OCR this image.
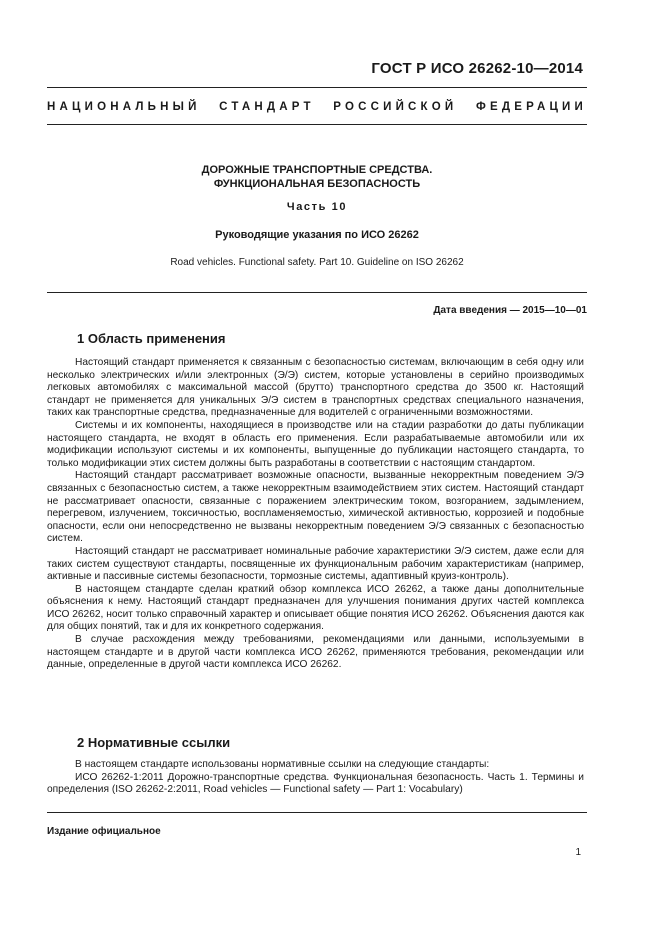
ГОСТ Р ИСО 26262-10—2014
НАЦИОНАЛЬНЫЙ СТАНДАРТ РОССИЙСКОЙ ФЕДЕРАЦИИ
ДОРОЖНЫЕ ТРАНСПОРТНЫЕ СРЕДСТВА.
ФУНКЦИОНАЛЬНАЯ БЕЗОПАСНОСТЬ
Часть 10
Руководящие указания по ИСО 26262
Road vehicles. Functional safety. Part 10. Guideline on ISO 26262
Дата введения — 2015—10—01
1 Область применения

Настоящий стандарт применяется к связанным с безопасностью системам, включающим в себя одну или несколько электрических и/или электронных (Э/Э) систем, которые установлены в серийно производимых легковых автомобилях с максимальной массой (брутто) транспортного средства до 3500 кг. Настоящий стандарт не применяется для уникальных Э/Э систем в транспортных средствах специального назначения, таких как транспортные средства, предназначенные для водителей с ограниченными возможностями.

Системы и их компоненты, находящиеся в производстве или на стадии разработки до даты публикации настоящего стандарта, не входят в область его применения. Если разрабатываемые автомобили или их модификации используют системы и их компоненты, выпущенные до публикации настоящего стандарта, то только модификации этих систем должны быть разработаны в соответствии с настоящим стандартом.

Настоящий стандарт рассматривает возможные опасности, вызванные некорректным поведением Э/Э связанных с безопасностью систем, а также некорректным взаимодействием этих систем. Настоящий стандарт не рассматривает опасности, связанные с поражением электрическим током, возгоранием, задымлением, перегревом, излучением, токсичностью, воспламеняемостью, химической активностью, коррозией и подобные опасности, если они непосредственно не вызваны некорректным поведением Э/Э связанных с безопасностью систем.

Настоящий стандарт не рассматривает номинальные рабочие характеристики Э/Э систем, даже если для таких систем существуют стандарты, посвященные их функциональным рабочим характеристикам (например, активные и пассивные системы безопасности, тормозные системы, адаптивный круиз-контроль).

В настоящем стандарте сделан краткий обзор комплекса ИСО 26262, а также даны дополнительные объяснения к нему. Настоящий стандарт предназначен для улучшения понимания других частей комплекса ИСО 26262, носит только справочный характер и описывает общие понятия ИСО 26262. Объяснения даются как для общих понятий, так и для их конкретного содержания.

В случае расхождения между требованиями, рекомендациями или данными, используемыми в настоящем стандарте и в другой части комплекса ИСО 26262, применяются требования, рекомендации или данные, определенные в другой части комплекса ИСО 26262.

2 Нормативные ссылки

В настоящем стандарте использованы нормативные ссылки на следующие стандарты:

ИСО 26262-1:2011 Дорожно-транспортные средства. Функциональная безопасность. Часть 1. Термины и определения (ISO 26262-2:2011, Road vehicles — Functional safety — Part 1: Vocabulary)

Издание официальное
1
